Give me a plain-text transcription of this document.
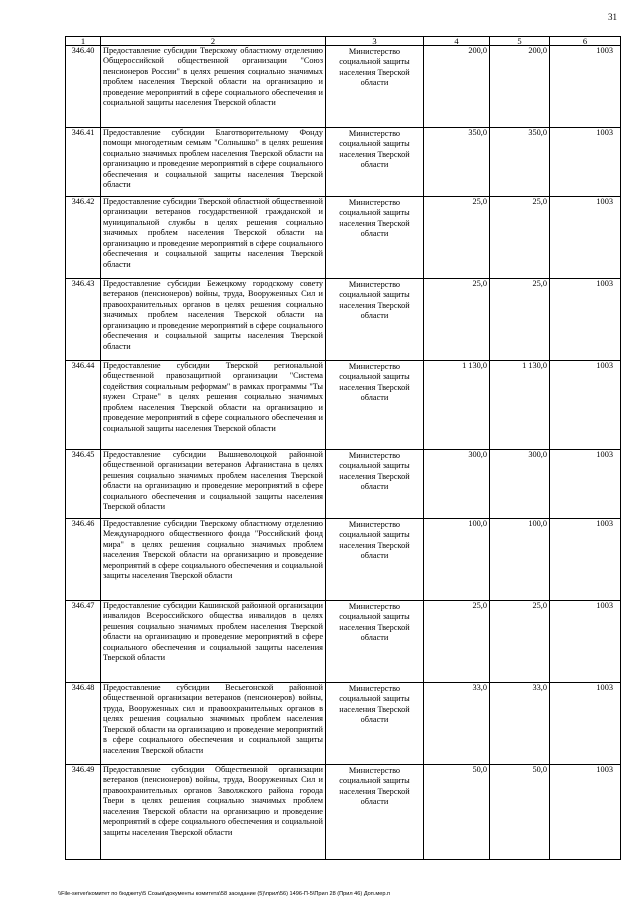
31
1	2	3	4	5	6
346.40	Предоставление субсидии Тверскому областному отделению Общероссийской общественной организации "Союз пенсионеров России" в целях решения социально значимых проблем населения Тверской области на организацию и проведение мероприятий в сфере социального обеспечения и социальной защиты населения Тверской области	Министерство социальной защиты населения Тверской области	200,0	200,0	1003
346.41	Предоставление субсидии Благотворительному Фонду помощи многодетным семьям "Солнышко" в целях решения социально значимых проблем населения Тверской области на организацию и проведение мероприятий в сфере социального обеспечения и социальной защиты населения Тверской области	Министерство социальной защиты населения Тверской области	350,0	350,0	1003
346.42	Предоставление субсидии Тверской областной общественной организации ветеранов государственной гражданской и муниципальной службы в целях решения социально значимых проблем населения Тверской области на организацию и проведение мероприятий в сфере социального обеспечения и социальной защиты населения Тверской области	Министерство социальной защиты населения Тверской области	25,0	25,0	1003
346.43	Предоставление субсидии Бежецкому городскому совету ветеранов (пенсионеров) войны, труда, Вооруженных Сил и правоохранительных органов в целях решения социально значимых проблем населения Тверской области на организацию и проведение мероприятий в сфере социального обеспечения и социальной защиты населения Тверской области	Министерство социальной защиты населения Тверской области	25,0	25,0	1003
346.44	Предоставление субсидии Тверской региональной общественной правозащитной организации "Система содействия социальным реформам" в рамках программы "Ты нужен Стране" в целях решения социально значимых проблем населения Тверской области на организацию и проведение мероприятий в сфере социального обеспечения и социальной защиты населения Тверской области	Министерство социальной защиты населения Тверской области	1 130,0	1 130,0	1003
346.45	Предоставление субсидии Вышневолоцкой районной общественной организации ветеранов Афганистана в целях решения социально значимых проблем населения Тверской области на организацию и проведение мероприятий в сфере социального обеспечения и социальной защиты населения Тверской области	Министерство социальной защиты населения Тверской области	300,0	300,0	1003
346.46	Предоставление субсидии Тверскому областному отделению Международного общественного фонда "Российский фонд мира" в целях решения социально значимых проблем населения Тверской области на организацию и проведение мероприятий в сфере социального обеспечения и социальной защиты населения Тверской области	Министерство социальной защиты населения Тверской области	100,0	100,0	1003
346.47	Предоставление субсидии Кашинской районной организации инвалидов Всероссийского общества инвалидов в целях решения социально значимых проблем населения Тверской области на организацию и проведение мероприятий в сфере социального обеспечения и социальной защиты населения Тверской области	Министерство социальной защиты населения Тверской области	25,0	25,0	1003
346.48	Предоставление субсидии Весьегонской районной общественной организации ветеранов (пенсионеров) войны, труда, Вооруженных сил и правоохранительных органов в целях решения социально значимых проблем населения Тверской области на организацию и проведение мероприятий в сфере социального обеспечения и социальной защиты населения Тверской области	Министерство социальной защиты населения Тверской области	33,0	33,0	1003
346.49	Предоставление субсидии Общественной организации ветеранов (пенсионеров) войны, труда, Вооруженных Сил и правоохранительных органов Заволжского района города Твери в целях решения социально значимых проблем населения Тверской области на организацию и проведение мероприятий в сфере социального обеспечения и социальной защиты населения Тверской области	Министерство социальной защиты населения Тверской области	50,0	50,0	1003
\\File-server\комитет по бюджету\5 Созыв\документы комитета\58 заседание (5)\прил\56) 1496-П-5\Прил 28 (Прил 46) Доп.мер.п
